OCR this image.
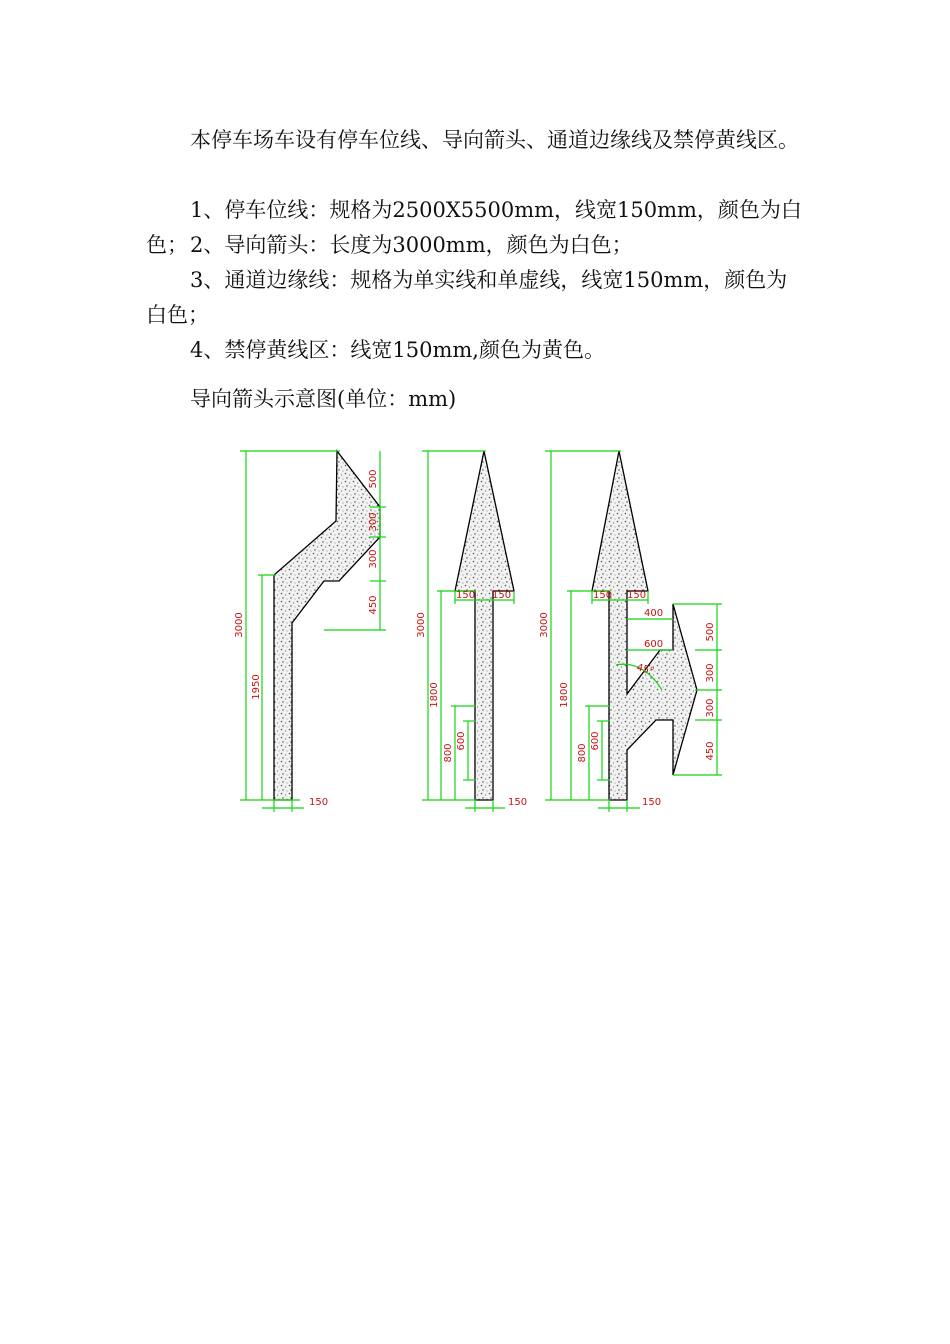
本停车场车设有停车位线、导向箭头、通道边缘线及禁停黄线区。

1、停车位线：规格为2500X5500mm，线宽150mm，颜色为白色； 2、导向箭头：长度为3000mm，颜色为白色；

3、通道边缘线：规格为单实线和单虚线，线宽150mm，颜色为白色；

4、禁停黄线区：线宽150mm,颜色为黄色。

导向箭头示意图(单位：mm)
3000
1950
500
300
300
450
150
3000
1800
800
600
150 150
150
3000
1800
800
600
150 150
400
600
45°
500
300
300
450
150
